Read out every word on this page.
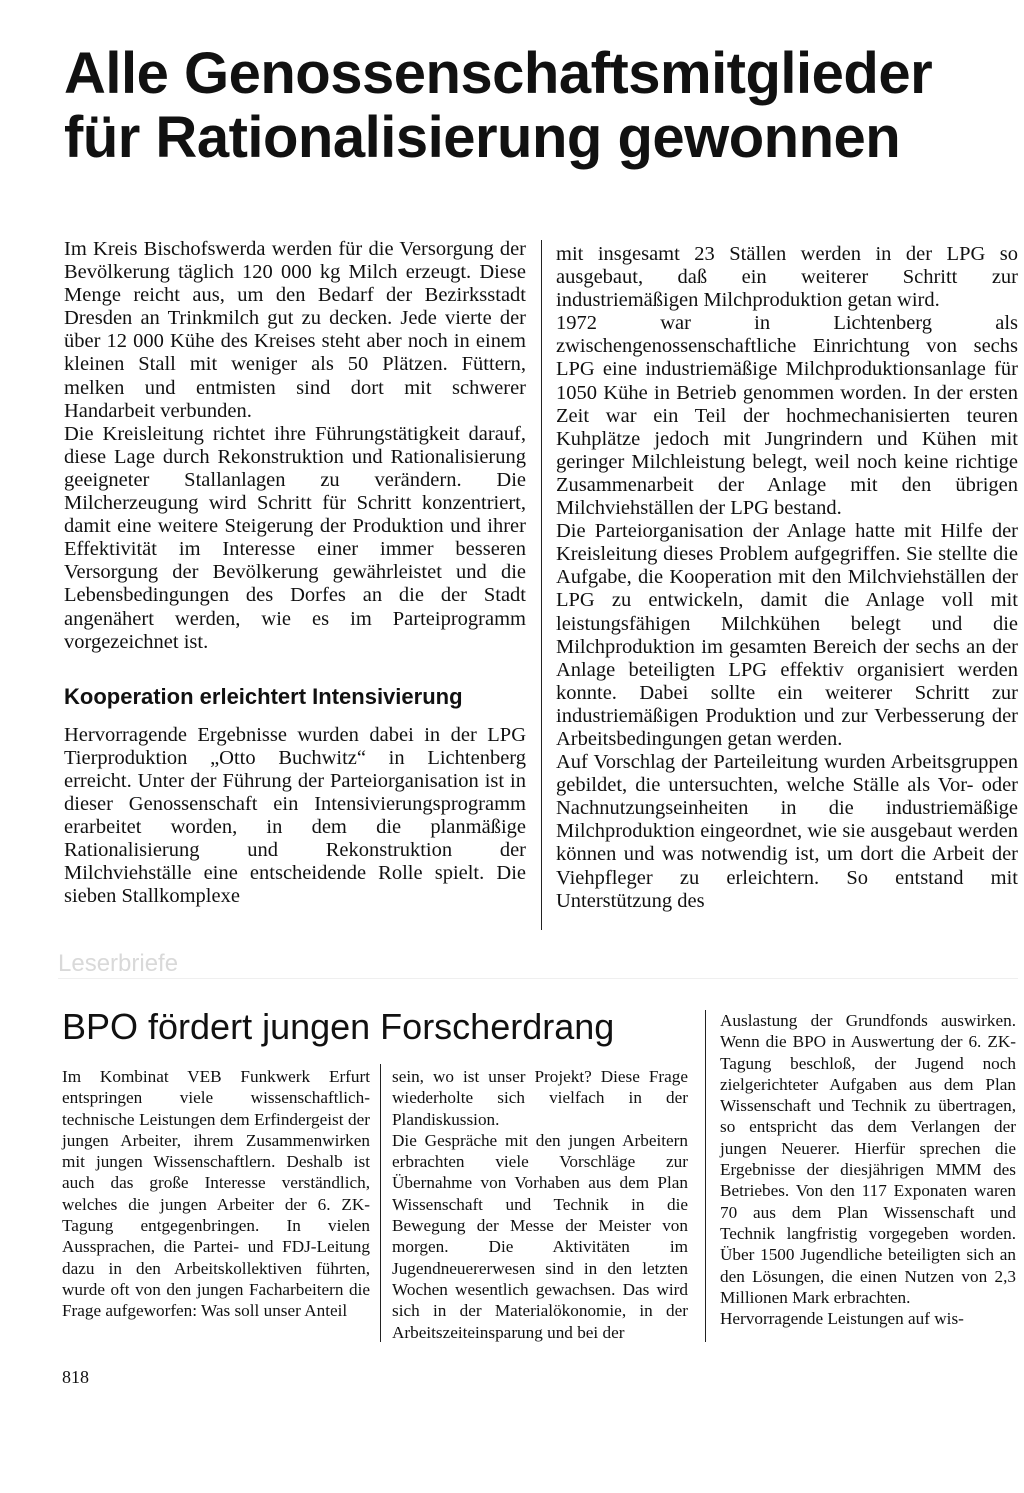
Alle Genossenschaftsmitglieder
für Rationalisierung gewonnen

Im Kreis Bischofswerda werden für die Versorgung der Bevölkerung täglich 120 000 kg Milch erzeugt. Diese Menge reicht aus, um den Bedarf der Bezirksstadt Dresden an Trinkmilch gut zu decken. Jede vierte der über 12 000 Kühe des Kreises steht aber noch in einem kleinen Stall mit weniger als 50 Plätzen. Füttern, melken und entmisten sind dort mit schwerer Handarbeit verbunden.

Die Kreisleitung richtet ihre Führungstätigkeit darauf, diese Lage durch Rekonstruktion und Rationalisierung geeigneter Stallanlagen zu verändern. Die Milcherzeugung wird Schritt für Schritt konzentriert, damit eine weitere Steigerung der Produktion und ihrer Effektivität im Interesse einer immer besseren Versorgung der Bevölkerung gewährleistet und die Lebensbedingungen des Dorfes an die der Stadt angenähert werden, wie es im Parteiprogramm vorgezeichnet ist.

Kooperation erleichtert Intensivierung

Hervorragende Ergebnisse wurden dabei in der LPG Tierproduktion „Otto Buchwitz“ in Lichtenberg erreicht. Unter der Führung der Parteiorganisation ist in dieser Genossenschaft ein Intensivierungsprogramm erarbeitet worden, in dem die planmäßige Rationalisierung und Rekonstruktion der Milchviehställe eine entscheidende Rolle spielt. Die sieben Stallkomplexe

mit insgesamt 23 Ställen werden in der LPG so ausgebaut, daß ein weiterer Schritt zur industriemäßigen Milchproduktion getan wird.

1972 war in Lichtenberg als zwischengenossenschaftliche Einrichtung von sechs LPG eine industriemäßige Milchproduktionsanlage für 1050 Kühe in Betrieb genommen worden. In der ersten Zeit war ein Teil der hochmechanisierten teuren Kuhplätze jedoch mit Jungrindern und Kühen mit geringer Milchleistung belegt, weil noch keine richtige Zusammenarbeit der Anlage mit den übrigen Milchviehställen der LPG bestand.

Die Parteiorganisation der Anlage hatte mit Hilfe der Kreisleitung dieses Problem aufgegriffen. Sie stellte die Aufgabe, die Kooperation mit den Milchviehställen der LPG zu entwickeln, damit die Anlage voll mit leistungsfähigen Milchkühen belegt und die Milchproduktion im gesamten Bereich der sechs an der Anlage beteiligten LPG effektiv organisiert werden konnte. Dabei sollte ein weiterer Schritt zur industriemäßigen Produktion und zur Verbesserung der Arbeitsbedingungen getan werden.

Auf Vorschlag der Parteileitung wurden Arbeitsgruppen gebildet, die untersuchten, welche Ställe als Vor- oder Nachnutzungseinheiten in die industriemäßige Milchproduktion eingeordnet, wie sie ausgebaut werden können und was notwendig ist, um dort die Arbeit der Viehpfleger zu erleichtern. So entstand mit Unterstützung des

Leserbriefe
BPO fördert jungen Forscherdrang

Im Kombinat VEB Funkwerk Erfurt entspringen viele wissenschaftlich-technische Leistungen dem Erfindergeist der jungen Arbeiter, ihrem Zusammenwirken mit jungen Wissenschaftlern. Deshalb ist auch das große Interesse verständlich, welches die jungen Arbeiter der 6. ZK-Tagung entgegenbringen. In vielen Aussprachen, die Partei- und FDJ-Leitung dazu in den Arbeitskollektiven führten, wurde oft von den jungen Facharbeitern die Frage aufgeworfen: Was soll unser Anteil

sein, wo ist unser Projekt? Diese Frage wiederholte sich vielfach in der Plandiskussion.

Die Gespräche mit den jungen Arbeitern erbrachten viele Vorschläge zur Übernahme von Vorhaben aus dem Plan Wissenschaft und Technik in die Bewegung der Messe der Meister von morgen. Die Aktivitäten im Jugendneuererwesen sind in den letzten Wochen wesentlich gewachsen. Das wird sich in der Materialökonomie, in der Arbeitszeiteinsparung und bei der

Auslastung der Grundfonds auswirken. Wenn die BPO in Auswertung der 6. ZK-Tagung beschloß, der Jugend noch zielgerichteter Aufgaben aus dem Plan Wissenschaft und Technik zu übertragen, so entspricht das dem Verlangen der jungen Neuerer. Hierfür sprechen die Ergebnisse der diesjährigen MMM des Betriebes. Von den 117 Exponaten waren 70 aus dem Plan Wissenschaft und Technik langfristig vorgegeben worden. Über 1500 Jugendliche beteiligten sich an den Lösungen, die einen Nutzen von 2,3 Millionen Mark erbrachten.

Hervorragende Leistungen auf wis-

818
